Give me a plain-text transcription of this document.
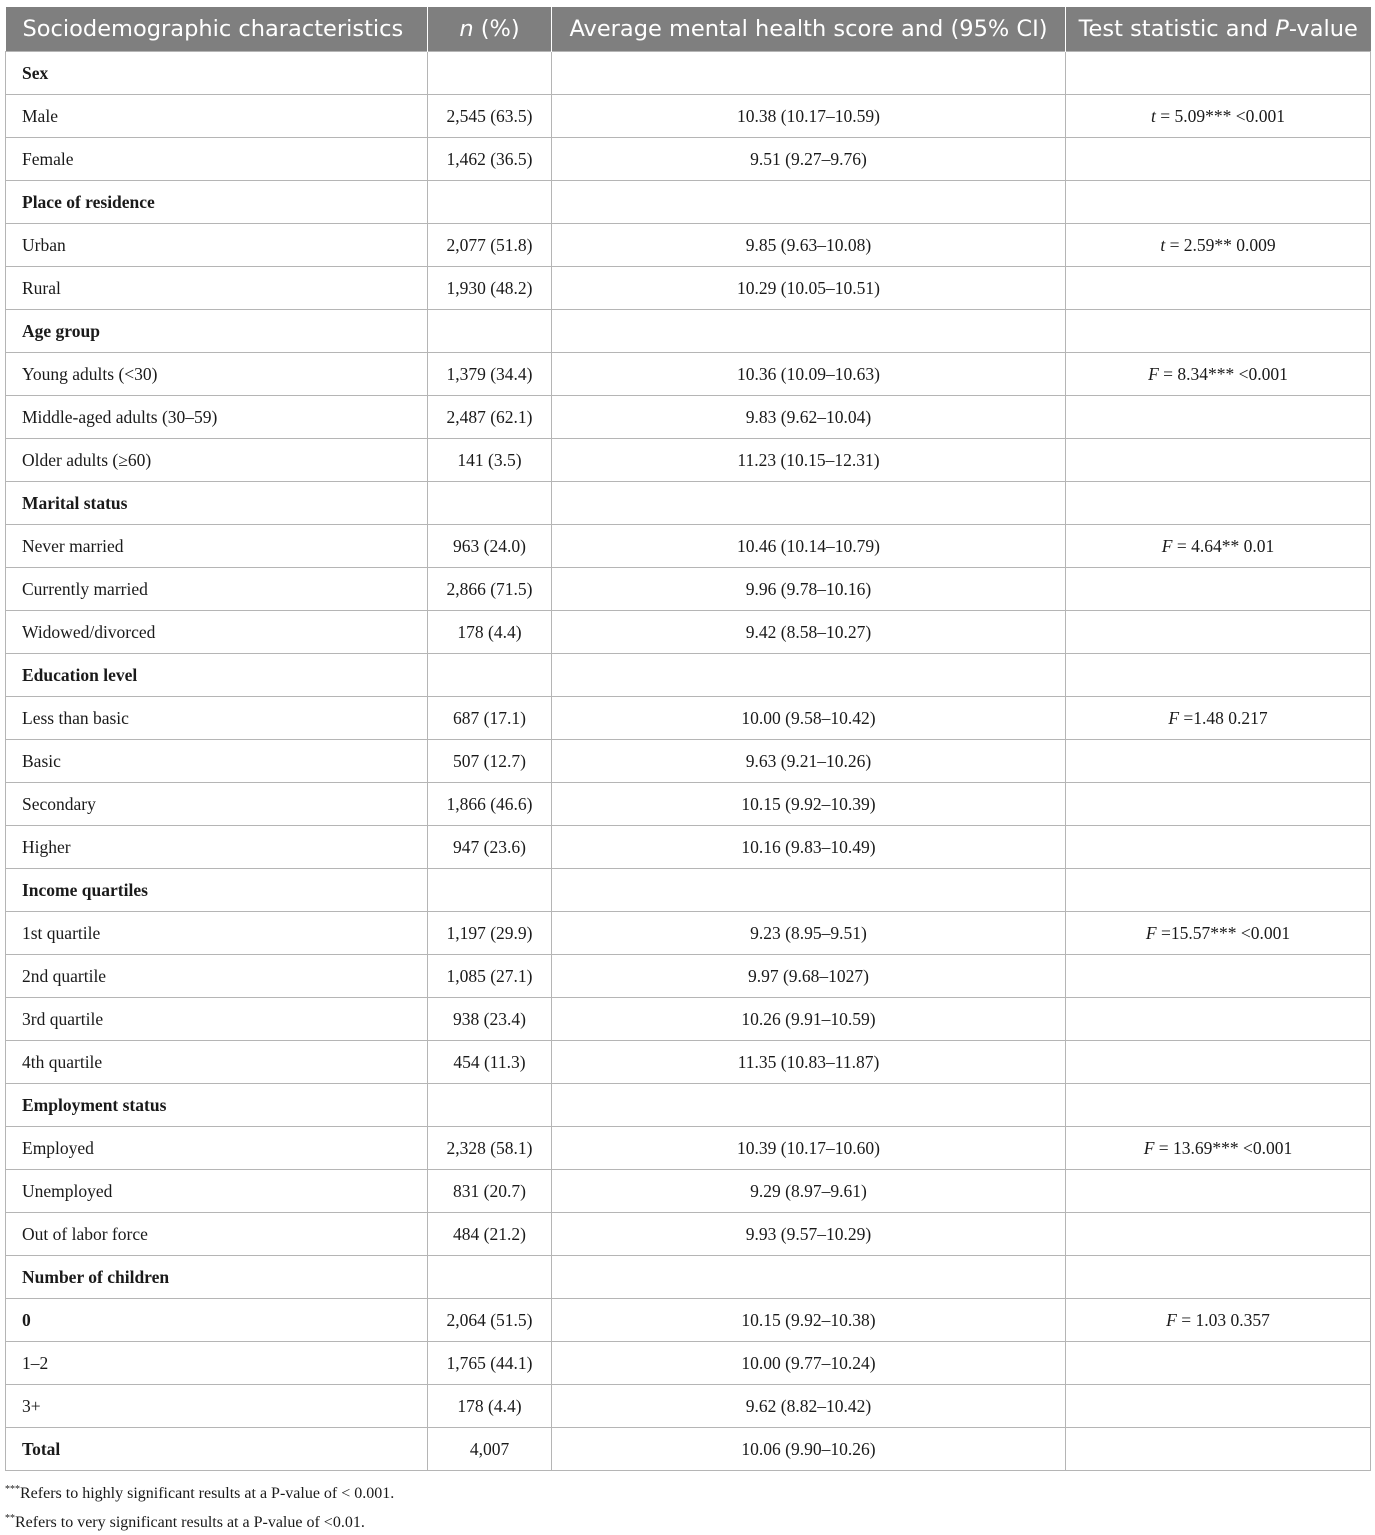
Sociodemographic characteristics	n (%)	Average mental health score and (95% CI)	Test statistic and P-value
Sex			
Male	2,545 (63.5)	10.38 (10.17–10.59)	t = 5.09*** <0.001
Female	1,462 (36.5)	9.51 (9.27–9.76)	
Place of residence			
Urban	2,077 (51.8)	9.85 (9.63–10.08)	t = 2.59** 0.009
Rural	1,930 (48.2)	10.29 (10.05–10.51)	
Age group			
Young adults (<30)	1,379 (34.4)	10.36 (10.09–10.63)	F = 8.34*** <0.001
Middle-aged adults (30–59)	2,487 (62.1)	9.83 (9.62–10.04)	
Older adults (≥60)	141 (3.5)	11.23 (10.15–12.31)	
Marital status			
Never married	963 (24.0)	10.46 (10.14–10.79)	F = 4.64** 0.01
Currently married	2,866 (71.5)	9.96 (9.78–10.16)	
Widowed/divorced	178 (4.4)	9.42 (8.58–10.27)	
Education level			
Less than basic	687 (17.1)	10.00 (9.58–10.42)	F =1.48 0.217
Basic	507 (12.7)	9.63 (9.21–10.26)	
Secondary	1,866 (46.6)	10.15 (9.92–10.39)	
Higher	947 (23.6)	10.16 (9.83–10.49)	
Income quartiles			
1st quartile	1,197 (29.9)	9.23 (8.95–9.51)	F =15.57*** <0.001
2nd quartile	1,085 (27.1)	9.97 (9.68–1027)	
3rd quartile	938 (23.4)	10.26 (9.91–10.59)	
4th quartile	454 (11.3)	11.35 (10.83–11.87)	
Employment status			
Employed	2,328 (58.1)	10.39 (10.17–10.60)	F = 13.69*** <0.001
Unemployed	831 (20.7)	9.29 (8.97–9.61)	
Out of labor force	484 (21.2)	9.93 (9.57–10.29)	
Number of children			
0	2,064 (51.5)	10.15 (9.92–10.38)	F = 1.03 0.357
1–2	1,765 (44.1)	10.00 (9.77–10.24)	
3+	178 (4.4)	9.62 (8.82–10.42)	
Total	4,007	10.06 (9.90–10.26)	
***Refers to highly significant results at a P-value of < 0.001.
**Refers to very significant results at a P-value of <0.01.
